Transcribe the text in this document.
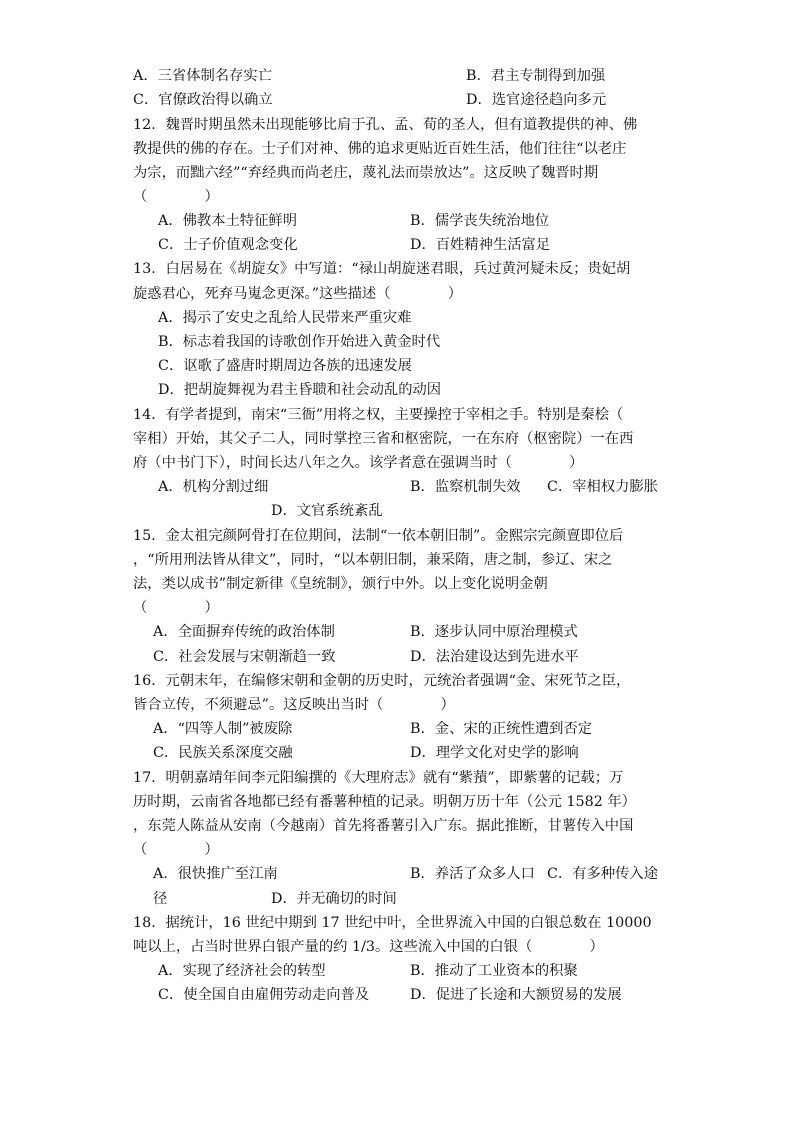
A．三省体制名存实亡	B．君主专制得到加强
C．官僚政治得以确立	D．选官途径趋向多元
12．魏晋时期虽然未出现能够比肩于孔、孟、荀的圣人，但有道教提供的神、佛
教提供的佛的存在。士子们对神、佛的追求更贴近百姓生活，他们往往“以老庄
为宗，而黜六经”“弃经典而尚老庄，蔑礼法而崇放达”。这反映了魏晋时期
（　　　　）
A．佛教本土特征鲜明	B．儒学丧失统治地位
C．士子价值观念变化	D．百姓精神生活富足
13．白居易在《胡旋女》中写道：“禄山胡旋迷君眼，兵过黄河疑未反；贵妃胡
旋惑君心，死弃马嵬念更深。”这些描述（　　　　）
A．揭示了安史之乱给人民带来严重灾难
B．标志着我国的诗歌创作开始进入黄金时代
C．讴歌了盛唐时期周边各族的迅速发展
D．把胡旋舞视为君主昏聩和社会动乱的动因
14．有学者提到，南宋“三衙”用将之权，主要操控于宰相之手。特别是秦桧（
宰相）开始，其父子二人，同时掌控三省和枢密院，一在东府（枢密院）一在西
府（中书门下），时间长达八年之久。该学者意在强调当时（　　　　）
A．机构分割过细	B．监察机制失效 C．宰相权力膨胀
D．文官系统紊乱
15．金太祖完颜阿骨打在位期间，法制“一依本朝旧制”。金熙宗完颜亶即位后
，“所用刑法皆从律文”，同时，“以本朝旧制，兼采隋，唐之制，参辽、宋之
法，类以成书”制定新律《皇统制》，颁行中外。以上变化说明金朝
（　　　　）
A．全面摒弃传统的政治体制	B．逐步认同中原治理模式
C．社会发展与宋朝渐趋一致	D．法治建设达到先进水平
16．元朝末年，在编修宋朝和金朝的历史时，元统治者强调“金、宋死节之臣，
皆合立传，不须避忌”。这反映出当时（　　　　）
A．“四等人制”被废除	B．金、宋的正统性遭到否定
C．民族关系深度交融	D．理学文化对史学的影响
17．明朝嘉靖年间李元阳编撰的《大理府志》就有“紫蕷”，即紫薯的记载；万
历时期，云南省各地都已经有番薯种植的记录。明朝万历十年（公元 1582 年）
，东莞人陈益从安南（今越南）首先将番薯引入广东。据此推断，甘薯传入中国
（　　　　）
A．很快推广至江南	B．养活了众多人口 C．有多种传入途
径	D．并无确切的时间
18．据统计，16 世纪中期到 17 世纪中叶，全世界流入中国的白银总数在 10000
吨以上，占当时世界白银产量的约 1/3。这些流入中国的白银（　　　　）
A．实现了经济社会的转型	B．推动了工业资本的积聚
C．使全国自由雇佣劳动走向普及	D．促进了长途和大额贸易的发展
